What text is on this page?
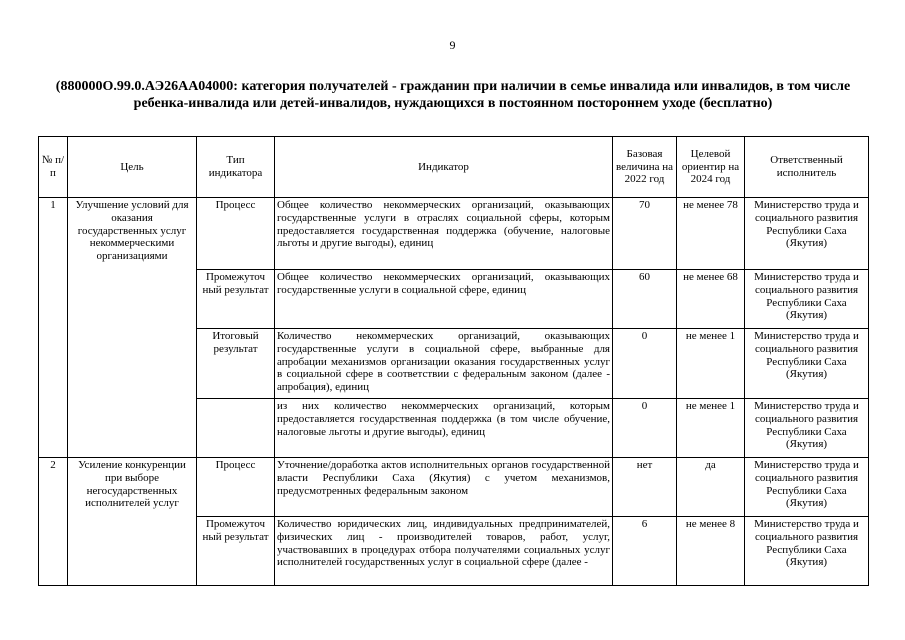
9
(880000О.99.0.АЭ26АА04000: категория получателей - гражданин при наличии в семье инвалида или инвалидов, в том числе ребенка-инвалида или детей-инвалидов, нуждающихся в постоянном постороннем уходе (бесплатно)
№ п/п	Цель	Тип индикатора	Индикатор	Базовая величина на 2022 год	Целевой ориентир на 2024 год	Ответственный исполнитель
1	Улучшение условий для оказания государственных услуг некоммерческими организациями	Процесс	Общее количество некоммерческих организаций, оказывающих государственные услуги в отраслях социальной сферы, которым предоставляется государственная поддержка (обучение, налоговые льготы и другие выгоды), единиц	70	не менее 78	Министерство труда и социального развития Республики Саха (Якутия)
		Промежуточ ный результат	Общее количество некоммерческих организаций, оказывающих государственные услуги в социальной сфере, единиц	60	не менее 68	Министерство труда и социального развития Республики Саха (Якутия)
		Итоговый результат	Количество некоммерческих организаций, оказывающих государственные услуги в социальной сфере, выбранные для апробации механизмов организации оказания государственных услуг в социальной сфере в соответствии с федеральным законом (далее - апробация), единиц	0	не менее 1	Министерство труда и социального развития Республики Саха (Якутия)
			из них количество некоммерческих организаций, которым предоставляется государственная поддержка (в том числе обучение, налоговые льготы и другие выгоды), единиц	0	не менее 1	Министерство труда и социального развития Республики Саха (Якутия)
2	Усиление конкуренции при выборе негосударственных исполнителей услуг	Процесс	Уточнение/доработка актов исполнительных органов государственной власти Республики Саха (Якутия) с учетом механизмов, предусмотренных федеральным законом	нет	да	Министерство труда и социального развития Республики Саха (Якутия)
		Промежуточ ный результат	Количество юридических лиц, индивидуальных предпринимателей, физических лиц - производителей товаров, работ, услуг, участвовавших в процедурах отбора получателями социальных услуг исполнителей государственных услуг в социальной сфере (далее -	6	не менее 8	Министерство труда и социального развития Республики Саха (Якутия)
